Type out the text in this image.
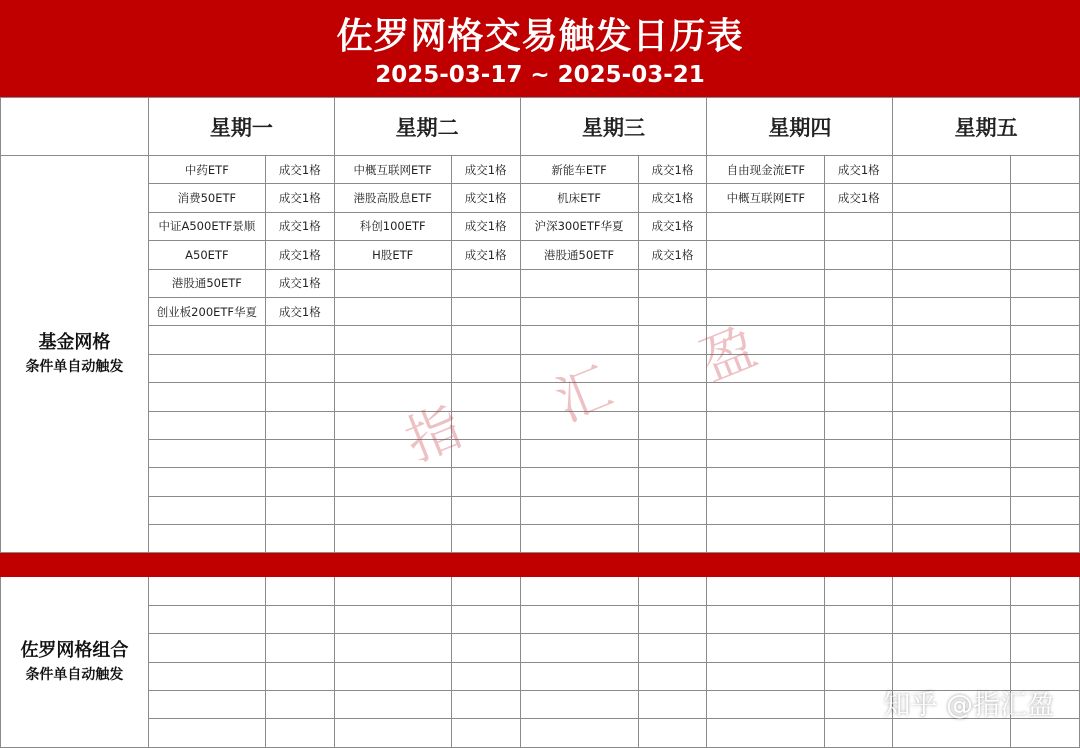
佐罗网格交易触发日历表
2025-03-17 ~ 2025-03-21
	星期一		星期二		星期三		星期四		星期五	

基金网格
条件单自动触发	中药ETF	成交1格	中概互联网ETF	成交1格	新能车ETF	成交1格	自由现金流ETF	成交1格		
	消费50ETF	成交1格	港股高股息ETF	成交1格	机床ETF	成交1格	中概互联网ETF	成交1格		
	中证A500ETF景顺	成交1格	科创100ETF	成交1格	沪深300ETF华夏	成交1格				
	A50ETF	成交1格	H股ETF	成交1格	港股通50ETF	成交1格				
	港股通50ETF	成交1格								
	创业板200ETF华夏	成交1格								

佐罗网格组合
条件单自动触发										

指
汇
盈
知乎 @指汇盈
